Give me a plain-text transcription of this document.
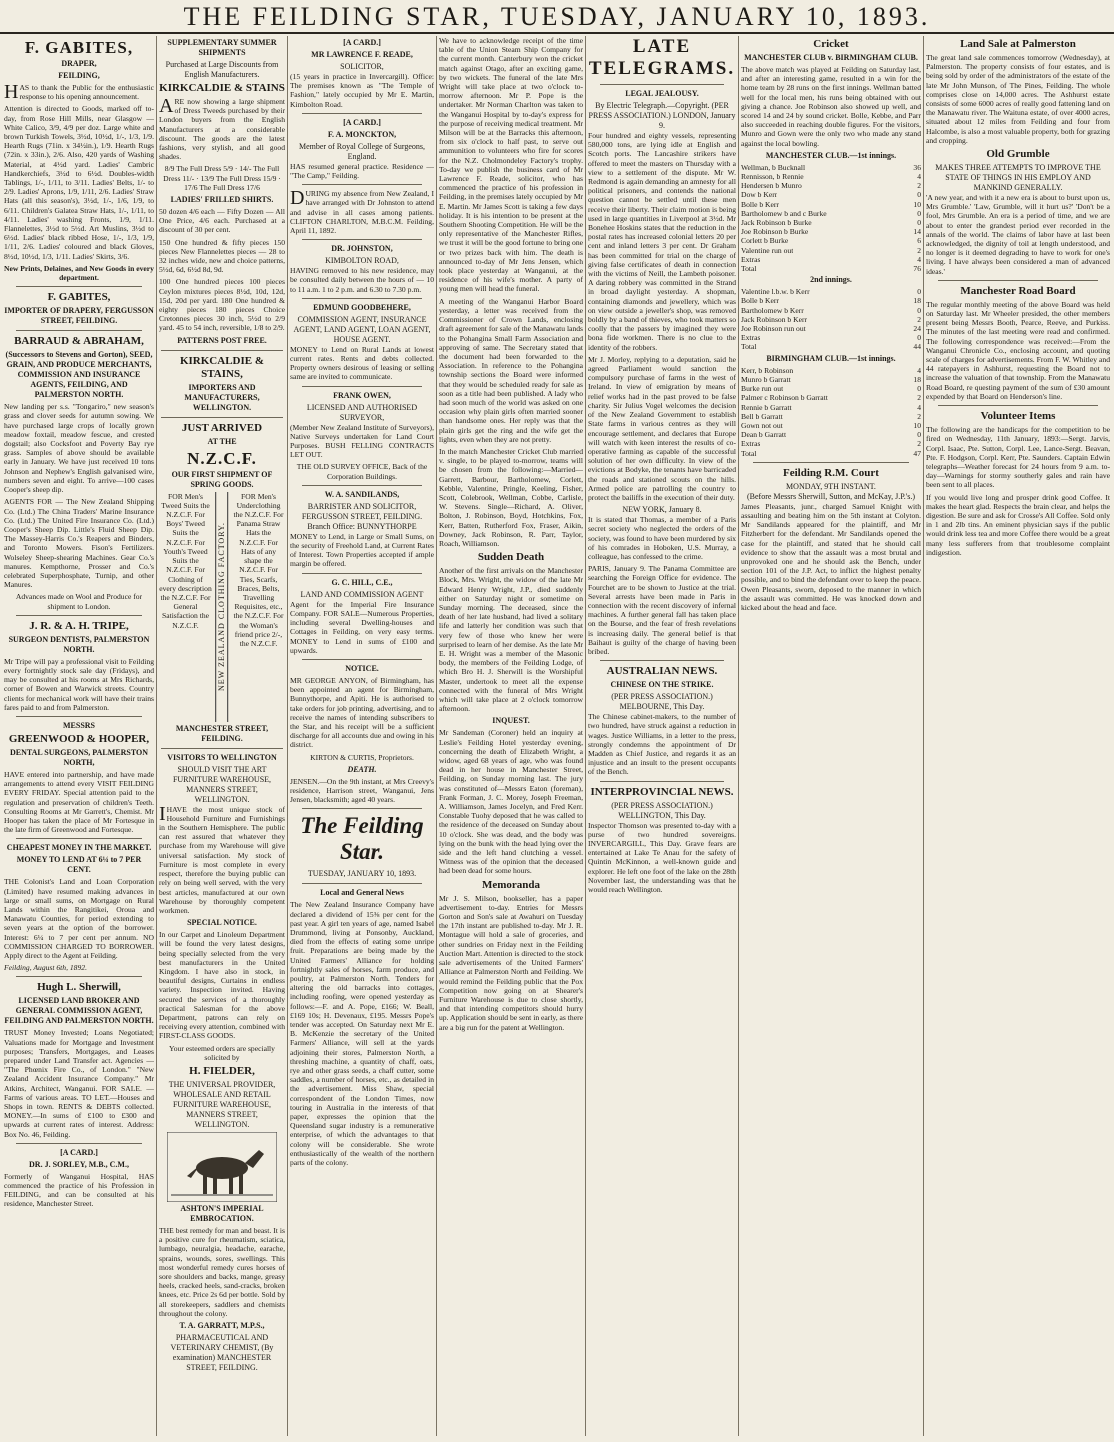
THE FEILDING STAR, TUESDAY, JANUARY 10, 1893.
F. GABITES,
DRAPER,
FEILDING,

HAS to thank the Public for the enthusiastic response to his opening announcement.

Attention is directed to Goods, marked off to-day, from Rose Hill Mills, near Glasgow — White Calico, 3/9, 4/9 per doz. Large white and brown Turkish Towels, 3½d, 10½d, 1/-, 1/3, 1/9. Hearth Rugs (71in. x 34½in.), 1/9. Hearth Rugs (72in. x 33in.), 2/6. Also, 420 yards of Washing Material, at 4½d yard. Ladies' Cambric Handkerchiefs, 3½d to 6½d. Doubles-width Tablings, 1/-, 1/11, to 3/11. Ladies' Belts, 1/- to 2/9. Ladies' Aprons, 1/9, 1/11, 2/6. Ladies' Straw Hats (all this season's), 3½d, 1/-, 1/6, 1/9, to 6/11. Children's Galatea Straw Hats, 1/-, 1/11, to 4/11. Ladies' washing Fronts, 1/9, 1/11. Flannelettes, 3½d to 5½d. Art Muslins, 3½d to 6½d. Ladies' black ribbed Hose, 1/-, 1/3, 1/9, 1/11, 2/6. Ladies' coloured and black Gloves, 8½d, 10½d, 1/3, 1/11. Ladies' Skirts, 3/6.

New Prints, Delaines, and New Goods in every department.

F. GABITES,
IMPORTER OF DRAPERY, FERGUSSON STREET, FEILDING.
BARRAUD & ABRAHAM,
(Successors to Stevens and Gorton), SEED, GRAIN, AND PRODUCE MERCHANTS, COMMISSION AND INSURANCE AGENTS, FEILDING, AND PALMERSTON NORTH.

New landing per s.s. "Tongariro," new season's grass and clover seeds for autumn sowing. We have purchased large crops of locally grown meadow foxtail, meadow fescue, and crested dogstail; also Cocksfoot and Poverty Bay rye grass. Samples of above should be available early in January. We have just received 10 tons Johnson and Nephew's English galvanised wire, numbers seven and eight. To arrive—100 cases Cooper's sheep dip.

AGENTS FOR — The New Zealand Shipping Co. (Ltd.) The China Traders' Marine Insurance Co. (Ltd.) The United Fire Insurance Co. (Ltd.) Cooper's Sheep Dip. Little's Fluid Sheep Dip. The Massey-Harris Co.'s Reapers and Binders, and Toronto Mowers. Fison's Fertilizers. Wolseley Sheep-shearing Machines. Gear Co.'s manures. Kempthorne, Prosser and Co.'s celebrated Superphosphate, Turnip, and other Manures.

Advances made on Wool and Produce for shipment to London.

J. R. & A. H. TRIPE,
SURGEON DENTISTS, PALMERSTON NORTH.

Mr Tripe will pay a professional visit to Feilding every fortnightly stock sale day (Fridays), and may be consulted at his rooms at Mrs Richards, corner of Bowen and Warwick streets. Country clients for mechanical work will have their trains fares paid to and from Palmerston.

MESSRS
GREENWOOD & HOOPER,
DENTAL SURGEONS, PALMERSTON NORTH,

HAVE entered into partnership, and have made arrangements to attend every VISIT FEILDING EVERY FRIDAY. Special attention paid to the regulation and preservation of children's Teeth. Consulting Rooms at Mr Garrett's, Chemist. Mr Hooper has taken the place of Mr Fortesque in the late firm of Greenwood and Fortesque.

CHEAPEST MONEY IN THE MARKET.
MONEY TO LEND AT 6¼ to 7 PER CENT.

THE Colonist's Land and Loan Corporation (Limited) have resumed making advances in large or small sums, on Mortgage on Rural Lands within the Rangitikei, Oroua and Manawatu Counties, for period extending to seven years at the option of the borrower. Interest: 6¼ to 7 per cent per annum. NO COMMISSION CHARGED TO BORROWER. Apply direct to the Agent at Feilding.

Feilding, August 6th, 1892.

Hugh L. Sherwill,
LICENSED LAND BROKER AND GENERAL COMMISSION AGENT, FEILDING AND PALMERSTON NORTH.

TRUST Money Invested; Loans Negotiated; Valuations made for Mortgage and Investment purposes; Transfers, Mortgages, and Leases prepared under Land Transfer act. Agencies — "The Phœnix Fire Co., of London." "New Zealand Accident Insurance Company." Mr Atkins, Architect, Wanganui. FOR SALE. — Farms of various areas. TO LET.—Houses and Shops in town. RENTS & DEBTS collected. MONEY.—In sums of £100 to £300 and upwards at current rates of interest. Address: Box No. 46, Feilding.

[A CARD.]
DR. J. SORLEY, M.B., C.M.,

Formerly of Wanganui Hospital, HAS commenced the practice of his Profession in FEILDING, and can be consulted at his residence, Manchester Street.

SUPPLEMENTARY SUMMER SHIPMENTS
Purchased at Large Discounts from English Manufacturers.
KIRKCALDIE & STAINS

ARE now showing a large shipment of Dress Tweeds purchased by their London buyers from the English Manufacturers at a considerable discount. The goods are the latest fashions, very stylish, and all good shades.

8/9 The Full Dress 5/9 · 14/- The Full Dress 11/- · 13/9 The Full Dress 15/9 · 17/6 The Full Dress 17/6

LADIES' FRILLED SHIRTS.

50 dozen 4/6 each — Fifty Dozen — All One Price, 4/6 each. Purchased at a discount of 30 per cent.

150 One hundred & fifty pieces 150 pieces New Flannelettes pieces — 28 to 32 inches wide, new and choice patterns, 5½d, 6d, 6½d 8d, 9d.

100 One hundred pieces 100 pieces Ceylon mixtures pieces 8½d, 10d, 12d, 15d, 20d per yard. 180 One hundred & eighty pieces 180 pieces Choice Cretonnes pieces 30 inch, 5½d to 2/9 yard. 45 to 54 inch, reversible, 1/8 to 2/9.

PATTERNS POST FREE.
KIRKCALDIE & STAINS,
IMPORTERS AND MANUFACTURERS, WELLINGTON.
JUST ARRIVED
AT THE
N.Z.C.F.
OUR FIRST SHIPMENT OF SPRING GOODS.
FOR Men's Tweed Suits the N.Z.C.F. For Boys' Tweed Suits the N.Z.C.F. For Youth's Tweed Suits the N.Z.C.F. For Clothing of every description the N.Z.C.F. For General Satisfaction the N.Z.C.F.	NEW ZEALAND CLOTHING FACTORY.
FOR Men's Underclothing the N.Z.C.F. For Panama Straw Hats the N.Z.C.F. For Hats of any shape the N.Z.C.F. For Ties, Scarfs, Braces, Belts, Travelling Requisites, etc., the N.Z.C.F. For the Woman's friend price 2/-, the N.Z.C.F.
MANCHESTER STREET, FEILDING.
VISITORS TO WELLINGTON
SHOULD VISIT THE ART FURNITURE WAREHOUSE, MANNERS STREET, WELLINGTON.

IHAVE the most unique stock of Household Furniture and Furnishings in the Southern Hemisphere. The public can rest assured that whatever they purchase from my Warehouse will give universal satisfaction. My stock of Furniture is most complete in every respect, therefore the buying public can rely on being well served, with the very best articles, manufactured at our own Warehouse by thoroughly competent workmen.

SPECIAL NOTICE.

In our Carpet and Linoleum Department will be found the very latest designs, being specially selected from the very best manufacturers in the United Kingdom. I have also in stock, in beautiful designs, Curtains in endless variety. Inspection invited. Having secured the services of a thoroughly practical Salesman for the above Department, patrons can rely on receiving every attention, combined with FIRST-CLASS GOODS.

Your esteemed orders are specially solicited by

H. FIELDER,
THE UNIVERSAL PROVIDER, WHOLESALE AND RETAIL FURNITURE WAREHOUSE, MANNERS STREET, WELLINGTON.
ASHTON'S IMPERIAL EMBROCATION.

THE best remedy for man and beast. It is a positive cure for rheumatism, sciatica, lumbago, neuralgia, headache, earache, sprains, wounds, sores, swellings. This most wonderful remedy cures horses of sore shoulders and backs, mange, greasy heels, cracked heels, sand-cracks, broken knees, etc. Price 2s 6d per bottle. Sold by all storekeepers, saddlers and chemists throughout the colony.

T. A. GARRATT, M.P.S.,
PHARMACEUTICAL AND VETERINARY CHEMIST, (By examination) MANCHESTER STREET, FEILDING.
[A CARD.]
MR LAWRENCE F. READE,
SOLICITOR,

(15 years in practice in Invercargill). Office: The premises known as "The Temple of Fashion," lately occupied by Mr E. Martin, Kimbolton Road.

[A CARD.]
F. A. MONCKTON,
Member of Royal College of Surgeons, England.

HAS resumed general practice. Residence — "The Camp," Feilding.

DURING my absence from New Zealand, I have arranged with Dr Johnston to attend and advise in all cases among patients. CLIFTON CHARLTON, M.B.C.M. Feilding, April 11, 1892.

DR. JOHNSTON,
KIMBOLTON ROAD,

HAVING removed to his new residence, may be consulted daily between the hours of — 10 to 11 a.m. 1 to 2 p.m. and 6.30 to 7.30 p.m.

EDMUND GOODBEHERE,
COMMISSION AGENT, INSURANCE AGENT, LAND AGENT, LOAN AGENT, HOUSE AGENT.

MONEY to Lend on Rural Lands at lowest current rates. Rents and debts collected. Property owners desirous of leasing or selling same are invited to communicate.

FRANK OWEN,
LICENSED AND AUTHORISED SURVEYOR,

(Member New Zealand Institute of Surveyors), Native Surveys undertaken for Land Court Purposes. BUSH FELLING CONTRACTS LET OUT.

THE OLD SURVEY OFFICE, Back of the Corporation Buildings.

W. A. SANDILANDS,
BARRISTER AND SOLICITOR, FERGUSSON STREET, FEILDING. Branch Office: BUNNYTHORPE

MONEY to Lend, in Large or Small Sums, on the security of Freehold Land, at Current Rates of Interest. Town Properties accepted if ample margin be offered.

G. C. HILL, C.E.,
LAND AND COMMISSION AGENT

Agent for the Imperial Fire Insurance Company. FOR SALE—Numerous Properties, including several Dwelling-houses and Cottages in Feilding, on very easy terms. MONEY to Lend in sums of £100 and upwards.

NOTICE.

MR GEORGE ANYON, of Birmingham, has been appointed an agent for Birmingham, Bunnythorpe, and Apiti. He is authorised to take orders for job printing, advertising, and to receive the names of intending subscribers to the Star, and his receipt will be a sufficient discharge for all accounts due and owing in his district.

KIRTON & CURTIS, Proprietors.

DEATH.

JENSEN.—On the 9th instant, at Mrs Creevy's residence, Harrison street, Wanganui, Jens Jensen, blacksmith; aged 40 years.

The Feilding Star.
TUESDAY, JANUARY 10, 1893.
Local and General News

The New Zealand Insurance Company have declared a dividend of 15⅜ per cent for the past year. A girl ten years of age, named Isabel Drummond, living at Ponsonby, Auckland, died from the effects of eating some unripe fruit. Preparations are being made by the United Farmers' Alliance for holding fortnightly sales of horses, farm produce, and poultry, at Palmerston North. Tenders for altering the old barracks into cottages, including roofing, were opened yesterday as follows:—F. and A. Pope, £166; W. Beall, £169 10s; H. Devenaux, £195. Messrs Pope's tender was accepted. On Saturday next Mr E. B. McKenzie the secretary of the United Farmers' Alliance, will sell at the yards adjoining their stores, Palmerston North, a threshing machine, a quantity of chaff, oats, rye and other grass seeds, a chaff cutter, some saddles, a number of horses, etc., as detailed in the advertisement. Miss Shaw, special correspondent of the London Times, now touring in Australia in the interests of that paper, expresses the opinion that the Queensland sugar industry is a remunerative enterprise, of which the advantages to that colony will be considerable. She wrote enthusiastically of the wealth of the northern parts of the colony.

We have to acknowledge receipt of the time table of the Union Steam Ship Company for the current month. Canterbury won the cricket match against Otago, after an exciting game, by two wickets. The funeral of the late Mrs Wright will take place at two o'clock to-morrow afternoon. Mr P. Pope is the undertaker. Mr Norman Charlton was taken to the Wanganui Hospital by to-day's express for the purpose of receiving medical treatment. Mr Milson will be at the Barracks this afternoon, from six o'clock to half past, to serve out ammunition to volunteers who fire for scores for the N.Z. Cholmondeley Factory's trophy. To-day we publish the business card of Mr Lawrence F. Reade, solicitor, who has commenced the practice of his profession in Feilding, in the premises lately occupied by Mr E. Martin. Mr James Scott is taking a few days holiday. It is his intention to be present at the Southern Shooting Competition. He will be the only representative of the Manchester Rifles, we trust it will be the good fortune to bring one or two prizes back with him. The death is announced to-day of Mr Jens Jensen, which took place yesterday at Wanganui, at the residence of his wife's mother. A party of young men will head the funeral.

A meeting of the Wanganui Harbor Board yesterday, a letter was received from the Commissioner of Crown Lands, enclosing draft agreement for sale of the Manawatu lands to the Pohangina Small Farm Association and approving of same. The Secretary stated that the document had been forwarded to the Association. In reference to the Pohangina township sections the Board were informed that they would be scheduled ready for sale as soon as a title had been published. A lady who had soon much of the world was asked on one occasion why plain girls often married sooner than handsome ones. Her reply was that the plain girls get the ring and the wife get the lights, even when they are not pretty.

In the match Manchester Cricket Club married v. single, to be played to-morrow, teams will be chosen from the following:—Married—Garrett, Barbour, Bartholomew, Corlett, Kebble, Valentine, Pringle, Keeling, Fisher, Scott, Colebrook, Wellman, Cobbe, Carlisle, W. Stevens. Single—Richard, A. Oliver, Bolton, J. Robinson, Boyd, Hotchkins, Fox, Kerr, Batten, Rutherford Fox, Fraser, Aikin, Downey, Jack Robinson, R. Parr, Taylor, Roach, Williamson.

Sudden Death

Another of the first arrivals on the Manchester Block, Mrs. Wright, the widow of the late Mr Edward Henry Wright, J.P., died suddenly either on Saturday night or sometime on Sunday morning. The deceased, since the death of her late husband, had lived a solitary life and latterly her condition was such that very few of those who knew her were surprised to learn of her demise. As the late Mr E. H. Wright was a member of the Masonic body, the members of the Feilding Lodge, of which Bro H. J. Sherwill is the Worshipful Master, undertook to meet all the expense connected with the funeral of Mrs Wright which will take place at 2 o'clock tomorrow afternoon.

INQUEST.

Mr Sandeman (Coroner) held an inquiry at Leslie's Feilding Hotel yesterday evening, concerning the death of Elizabeth Wright, a widow, aged 68 years of age, who was found dead in her house in Manchester Street, Feilding, on Sunday morning last. The jury was constituted of—Messrs Eaton (foreman), Frank Forman, J. C. Morey, Joseph Freeman, A. Williamson, James Jocelyn, and Fred Kerr. Constable Tuohy deposed that he was called to the residence of the deceased on Sunday about 10 o'clock. She was dead, and the body was lying on the bunk with the head lying over the side and the left hand clutching a vessel. Witness was of the opinion that the deceased had been dead for some hours.

Memoranda

Mr J. S. Milson, bookseller, has a paper advertisement to-day. Entries for Messrs Gorton and Son's sale at Awahuri on Tuesday the 17th instant are published to-day. Mr J. R. Montague will hold a sale of groceries, and other sundries on Friday next in the Feilding Auction Mart. Attention is directed to the stock sale advertisements of the United Farmers' Alliance at Palmerston North and Feilding. We would remind the Feilding public that the Pox Competition now going on at Shearer's Furniture Warehouse is due to close shortly, and that intending competitors should hurry up. Application should be sent in early, as there are a big run for the patent at Wellington.

LATE TELEGRAMS.
LEGAL JEALOUSY.
By Electric Telegraph.—Copyright. (PER PRESS ASSOCIATION.) LONDON, January 9.

Four hundred and eighty vessels, representing 580,000 tons, are lying idle at English and Scotch ports. The Lancashire strikers have offered to meet the masters on Thursday with a view to a settlement of the dispute. Mr W. Redmond is again demanding an amnesty for all political prisoners, and contends the national question cannot be settled until these men receive their liberty. Their claim motion is being used in large quantities in Liverpool at 3½d. Mr Bonehee Hoskins states that the reduction in the postal rates has increased colonial letters 20 per cent and inland letters 3 per cent. Dr Graham has been committed for trial on the charge of giving false certificates of death in connection with the victims of Neill, the Lambeth poisoner. A daring robbery was committed in the Strand in broad daylight yesterday. A shopman, containing diamonds and jewellery, which was on view outside a jeweller's shop, was removed boldly by a band of thieves, who took matters so coolly that the passers by imagined they were bona fide workmen. There is no clue to the identity of the robbers.

Mr J. Morley, replying to a deputation, said he agreed Parliament would sanction the compulsory purchase of farms in the west of Ireland. In view of emigration by means of relief works had in the past proved to be false charity. Sir Julius Vogel welcomes the decision of the New Zealand Government to establish State farms in various centres as they will encourage settlement, and declares that Europe will watch with keen interest the results of co-operative farming as capable of the successful solution of her own difficulty. In view of the evictions at Bodyke, the tenants have barricaded the roads and stationed scouts on the hills. Armed police are patrolling the country to protect the bailiffs in the execution of their duty.

NEW YORK, January 8.

It is stated that Thomas, a member of a Paris secret society who neglected the orders of the society, was found to have been murdered by six of his comrades in Hoboken, U.S. Murray, a colleague, has confessed to the crime.

PARIS, January 9. The Panama Committee are searching the Foreign Office for evidence. The Fourchet are to be shown to Justice at the trial. Several arrests have been made in Paris in connection with the recent discovery of infernal machines. A further general fall has taken place on the Bourse, and the fear of fresh revelations is increasing daily. The general belief is that Baihaut is guilty of the charge of having been bribed.

AUSTRALIAN NEWS.
CHINESE ON THE STRIKE.
(PER PRESS ASSOCIATION.) MELBOURNE, This Day.

The Chinese cabinet-makers, to the number of two hundred, have struck against a reduction in wages. Justice Williams, in a letter to the press, strongly condemns the appointment of Dr Madden as Chief Justice, and regards it as an injustice and an insult to the present occupants of the Bench.

INTERPROVINCIAL NEWS.
(PER PRESS ASSOCIATION.) WELLINGTON, This Day.

Inspector Thomson was presented to-day with a purse of two hundred sovereigns. INVERCARGILL, This Day. Grave fears are entertained at Lake Te Anau for the safety of Quintin McKinnon, a well-known guide and explorer. He left one foot of the lake on the 28th November last, the understanding was that he would reach Wellington.

Cricket
MANCHESTER CLUB v. BIRMINGHAM CLUB.

The above match was played at Feilding on Saturday last, and after an interesting game, resulted in a win for the home team by 28 runs on the first innings. Wellman batted well for the local men, his runs being obtained with out giving a chance. Joe Robinson also showed up well, and scored 14 and 24 by sound cricket. Bolle, Kebbe, and Parr also succeeded in reaching double figures. For the visitors, Munro and Gown were the only two who made any stand against the local bowling.

MANCHESTER CLUB.—1st innings.
Wellman, b Bucknall	36
Rennisson, b Rennie	4
Hendersen b Munro	2
Dow b Kerr	0
Bolle b Kerr	10
Bartholomew b and c Burke	0
Jack Robinson b Burke	0
Joe Robinson b Burke	14
Corlett b Burke	6
Valentine run out	2
Extras	4
Total	76
2nd innings.
Valentine l.b.w. b Kerr	0
Bolle b Kerr	18
Bartholomew b Kerr	0
Jack Robinson b Kerr	2
Joe Robinson run out	24
Extras	0
Total	44
BIRMINGHAM CLUB.—1st innings.
Kerr, b Robinson	4
Munro b Garratt	18
Burke run out	0
Palmer c Robinson b Garratt	2
Rennie b Garratt	4
Bell b Garratt	2
Gown not out	10
Dean b Garratt	0
Extras	2
Total	47
Feilding R.M. Court
MONDAY, 9TH INSTANT.
(Before Messrs Sherwill, Sutton, and McKay, J.P.'s.)

James Pleasants, junr., charged Samuel Knight with assaulting and beating him on the 5th instant at Colyton. Mr Sandilands appeared for the plaintiff, and Mr Fitzherbert for the defendant. Mr Sandilands opened the case for the plaintiff, and stated that he should call evidence to show that the assault was a most brutal and unprovoked one and he should ask the Bench, under section 101 of the J.P. Act, to inflict the highest penalty possible, and to bind the defendant over to keep the peace. Owen Pleasants, sworn, deposed to the manner in which the assault was committed. He was knocked down and kicked about the head and face.

Land Sale at Palmerston

The great land sale commences tomorrow (Wednesday), at Palmerston. The property consists of four estates, and is being sold by order of the administrators of the estate of the late Mr John Munson, of The Pines, Feilding. The whole comprises close on 14,000 acres. The Ashhurst estate consists of some 6000 acres of really good fattening land on the Manawatu river. The Waituna estate, of over 4000 acres, situated about 12 miles from Feilding and four from Halcombe, is also a most valuable property, both for grazing and cropping.

Old Grumble
MAKES THREE ATTEMPTS TO IMPROVE THE STATE OF THINGS IN HIS EMPLOY AND MANKIND GENERALLY.

'A new year, and with it a new era is about to burst upon us, Mrs Grumble.' 'Law, Grumble, will it hurt us?' 'Don't be a fool, Mrs Grumble. An era is a period of time, and we are about to enter the grandest period ever recorded in the annals of the world. The claims of labor have at last been acknowledged, the dignity of toil at length understood, and no longer is it deemed degrading to have to work for one's living. I have always been considered a man of advanced ideas.'

Manchester Road Board

The regular monthly meeting of the above Board was held on Saturday last. Mr Wheeler presided, the other members present being Messrs Booth, Pearce, Reeve, and Purkiss. The minutes of the last meeting were read and confirmed. The following correspondence was received:—From the Wanganui Chronicle Co., enclosing account, and quoting scale of charges for advertisements. From F. W. Whitley and 44 ratepayers in Ashhurst, requesting the Board not to increase the valuation of that township. From the Manawatu Road Board, re questing payment of the sum of £30 amount expended by that Board on Henderson's line.

Volunteer Items

The following are the handicaps for the competition to be fired on Wednesday, 11th January, 1893:—Sergt. Jarvis, Corpl. Isaac, Pte. Sutton, Corpl. Lee, Lance-Sergt. Beavan, Pte. F. Hodgson, Corpl. Kerr, Pte. Saunders. Captain Edwin telegraphs—Weather forecast for 24 hours from 9 a.m. to-day—Warnings for stormy southerly gales and rain have been sent to all places.

If you would live long and prosper drink good Coffee. It makes the heart glad. Respects the brain clear, and helps the digestion. Be sure and ask for Crosse's All Coffee. Sold only in 1 and 2lb tins. An eminent physician says if the public would drink less tea and more Coffee there would be a great many less sufferers from that troublesome complaint indigestion.
